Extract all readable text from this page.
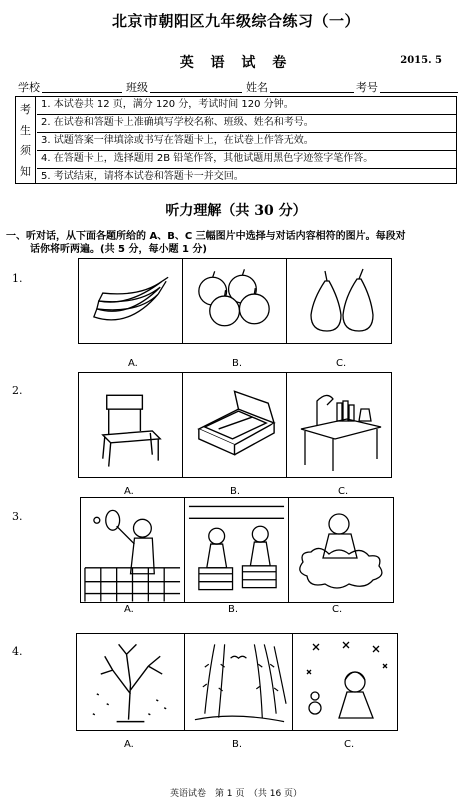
北京市朝阳区九年级综合练习（一）
英 语 试 卷	2015. 5
学校	班级	姓名	考号
考
生
须
知
1. 本试卷共 12 页，满分 120 分，考试时间 120 分钟。
2. 在试卷和答题卡上准确填写学校名称、班级、姓名和考号。
3. 试题答案一律填涂或书写在答题卡上，在试卷上作答无效。
4. 在答题卡上，选择题用 2B 铅笔作答，其他试题用黑色字迹签字笔作答。
5. 考试结束，请将本试卷和答题卡一并交回。
听力理解（共 30 分）
一、听对话，从下面各题所给的 A、B、C 三幅图片中选择与对话内容相符的图片。每段对
话你将听两遍。(共 5 分，每小题 1 分)
1.
A.	B.	C.
2.
A.	B.	C.
3.
A.	B.	C.
4.
A.	B.	C.
英语试卷　第 1 页　（共 16 页）
